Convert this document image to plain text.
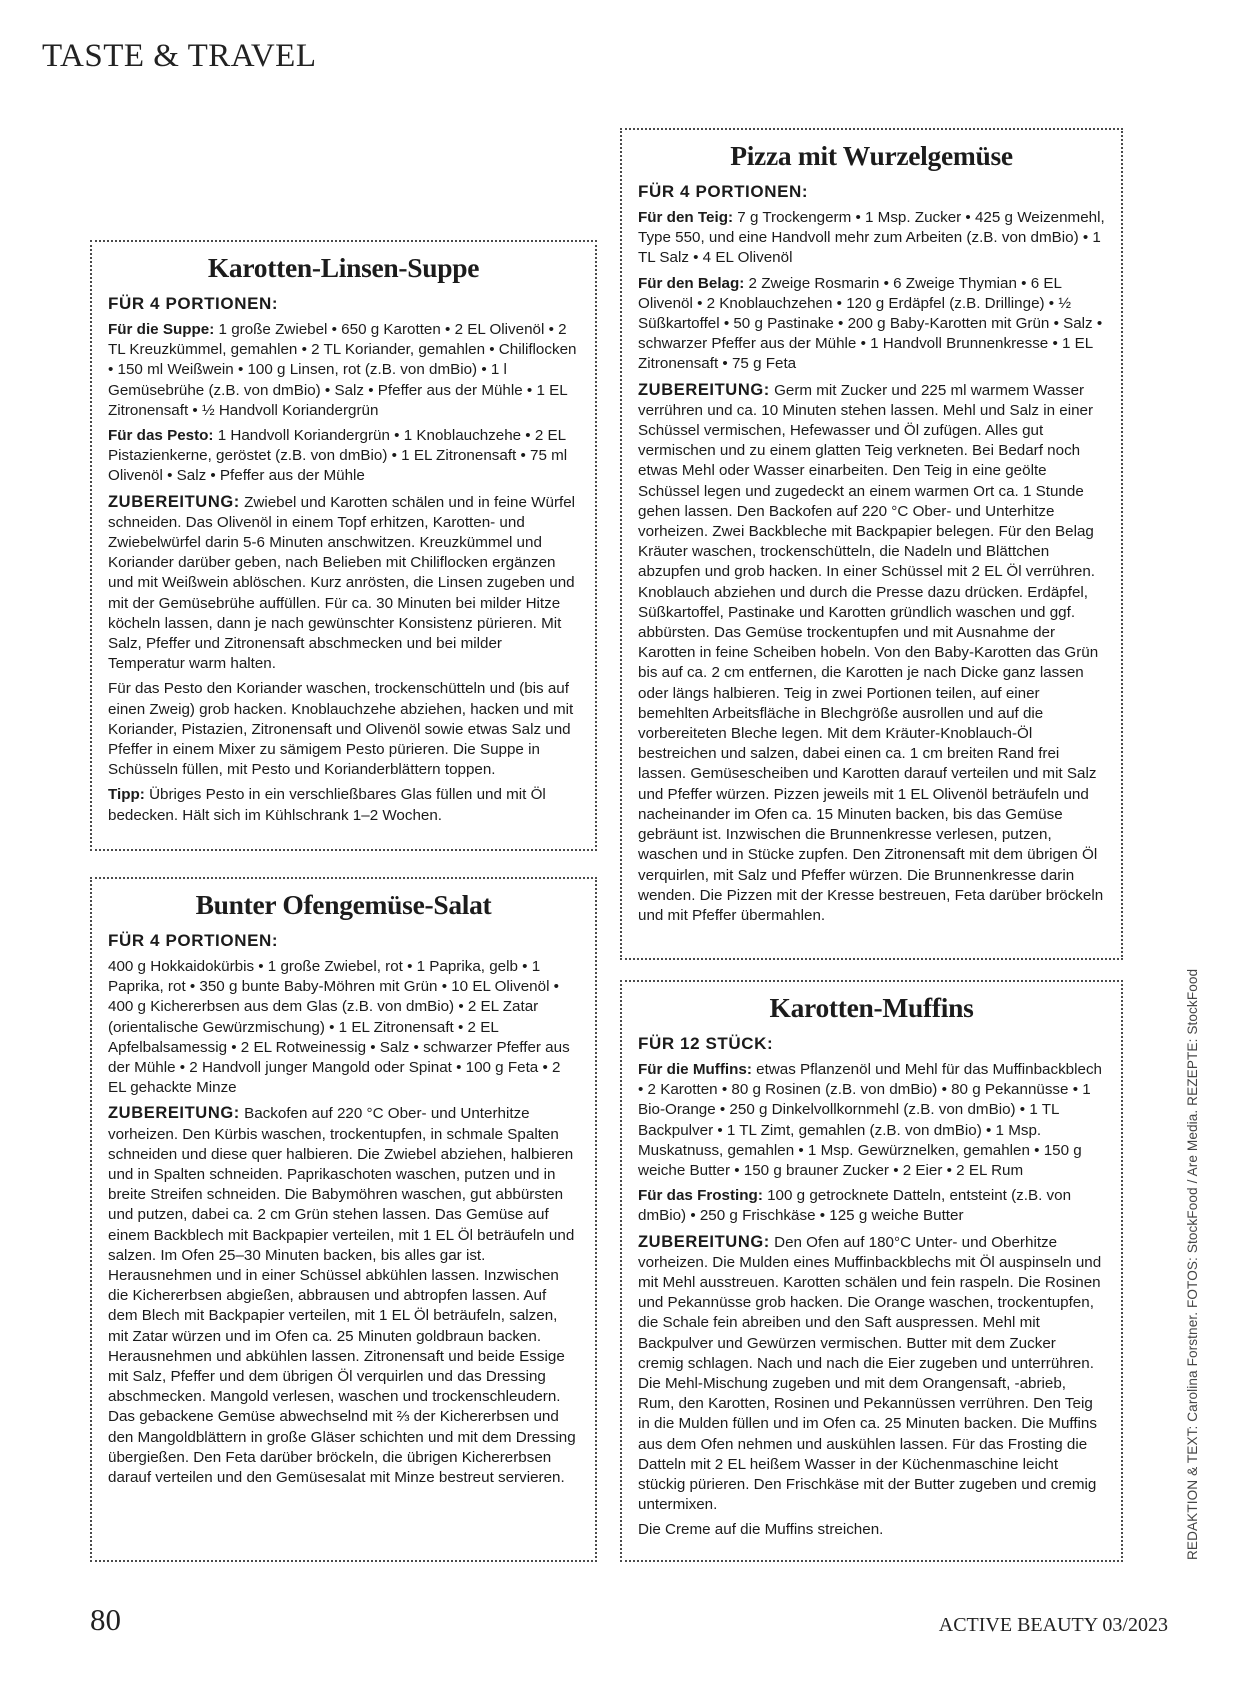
TASTE & TRAVEL
Karotten-Linsen-Suppe
FÜR 4 PORTIONEN:

Für die Suppe: 1 große Zwiebel • 650 g Karotten • 2 EL Olivenöl • 2 TL Kreuzkümmel, gemahlen • 2 TL Koriander, gemahlen • Chiliflocken • 150 ml Weißwein • 100 g Linsen, rot (z.B. von dmBio) • 1 l Gemüsebrühe (z.B. von dmBio) • Salz • Pfeffer aus der Mühle • 1 EL Zitronensaft • ½ Handvoll Koriandergrün

Für das Pesto: 1 Handvoll Koriandergrün • 1 Knoblauchzehe • 2 EL Pistazienkerne, geröstet (z.B. von dmBio) • 1 EL Zitronensaft • 75 ml Olivenöl • Salz • Pfeffer aus der Mühle

ZUBEREITUNG: Zwiebel und Karotten schälen und in feine Würfel schneiden. Das Olivenöl in einem Topf erhitzen, Karotten- und Zwiebelwürfel darin 5-6 Minuten anschwitzen. Kreuzkümmel und Koriander darüber geben, nach Belieben mit Chiliflocken ergänzen und mit Weißwein ablöschen. Kurz anrösten, die Linsen zugeben und mit der Gemüsebrühe auffüllen. Für ca. 30 Minuten bei milder Hitze köcheln lassen, dann je nach gewünschter Konsistenz pürieren. Mit Salz, Pfeffer und Zitronensaft abschmecken und bei milder Temperatur warm halten.

Für das Pesto den Koriander waschen, trockenschütteln und (bis auf einen Zweig) grob hacken. Knoblauchzehe abziehen, hacken und mit Koriander, Pistazien, Zitronensaft und Olivenöl sowie etwas Salz und Pfeffer in einem Mixer zu sämigem Pesto pürieren. Die Suppe in Schüsseln füllen, mit Pesto und Korianderblättern toppen.

Tipp: Übriges Pesto in ein verschließbares Glas füllen und mit Öl bedecken. Hält sich im Kühlschrank 1–2 Wochen.

Bunter Ofengemüse-Salat
FÜR 4 PORTIONEN:

400 g Hokkaidokürbis • 1 große Zwiebel, rot • 1 Paprika, gelb • 1 Paprika, rot • 350 g bunte Baby-Möhren mit Grün • 10 EL Olivenöl • 400 g Kichererbsen aus dem Glas (z.B. von dmBio) • 2 EL Zatar (orientalische Gewürzmischung) • 1 EL Zitronensaft • 2 EL Apfelbalsamessig • 2 EL Rotweinessig • Salz • schwarzer Pfeffer aus der Mühle • 2 Handvoll junger Mangold oder Spinat • 100 g Feta • 2 EL gehackte Minze

ZUBEREITUNG: Backofen auf 220 °C Ober- und Unterhitze vorheizen. Den Kürbis waschen, trockentupfen, in schmale Spalten schneiden und diese quer halbieren. Die Zwiebel abziehen, halbieren und in Spalten schneiden. Paprikaschoten waschen, putzen und in breite Streifen schneiden. Die Babymöhren waschen, gut abbürsten und putzen, dabei ca. 2 cm Grün stehen lassen. Das Gemüse auf einem Backblech mit Backpapier verteilen, mit 1 EL Öl beträufeln und salzen. Im Ofen 25–30 Minuten backen, bis alles gar ist. Herausnehmen und in einer Schüssel abkühlen lassen. Inzwischen die Kichererbsen abgießen, abbrausen und abtropfen lassen. Auf dem Blech mit Backpapier verteilen, mit 1 EL Öl beträufeln, salzen, mit Zatar würzen und im Ofen ca. 25 Minuten goldbraun backen. Herausnehmen und abkühlen lassen. Zitronensaft und beide Essige mit Salz, Pfeffer und dem übrigen Öl verquirlen und das Dressing abschmecken. Mangold verlesen, waschen und trockenschleudern. Das gebackene Gemüse abwechselnd mit ⅔ der Kichererbsen und den Mangoldblättern in große Gläser schichten und mit dem Dressing übergießen. Den Feta darüber bröckeln, die übrigen Kichererbsen darauf verteilen und den Gemüsesalat mit Minze bestreut servieren.

Pizza mit Wurzelgemüse
FÜR 4 PORTIONEN:

Für den Teig: 7 g Trockengerm • 1 Msp. Zucker • 425 g Weizenmehl, Type 550, und eine Handvoll mehr zum Arbeiten (z.B. von dmBio) • 1 TL Salz • 4 EL Olivenöl

Für den Belag: 2 Zweige Rosmarin • 6 Zweige Thymian • 6 EL Olivenöl • 2 Knoblauchzehen • 120 g Erdäpfel (z.B. Drillinge) • ½ Süßkartoffel • 50 g Pastinake • 200 g Baby-Karotten mit Grün • Salz • schwarzer Pfeffer aus der Mühle • 1 Handvoll Brunnenkresse • 1 EL Zitronensaft • 75 g Feta

ZUBEREITUNG: Germ mit Zucker und 225 ml warmem Wasser verrühren und ca. 10 Minuten stehen lassen. Mehl und Salz in einer Schüssel vermischen, Hefewasser und Öl zufügen. Alles gut vermischen und zu einem glatten Teig verkneten. Bei Bedarf noch etwas Mehl oder Wasser einarbeiten. Den Teig in eine geölte Schüssel legen und zugedeckt an einem warmen Ort ca. 1 Stunde gehen lassen. Den Backofen auf 220 °C Ober- und Unterhitze vorheizen. Zwei Backbleche mit Backpapier belegen. Für den Belag Kräuter waschen, trockenschütteln, die Nadeln und Blättchen abzupfen und grob hacken. In einer Schüssel mit 2 EL Öl verrühren. Knoblauch abziehen und durch die Presse dazu drücken. Erdäpfel, Süßkartoffel, Pastinake und Karotten gründlich waschen und ggf. abbürsten. Das Gemüse trockentupfen und mit Ausnahme der Karotten in feine Scheiben hobeln. Von den Baby-Karotten das Grün bis auf ca. 2 cm entfernen, die Karotten je nach Dicke ganz lassen oder längs halbieren. Teig in zwei Portionen teilen, auf einer bemehlten Arbeitsfläche in Blechgröße ausrollen und auf die vorbereiteten Bleche legen. Mit dem Kräuter-Knoblauch-Öl bestreichen und salzen, dabei einen ca. 1 cm breiten Rand frei lassen. Gemüsescheiben und Karotten darauf verteilen und mit Salz und Pfeffer würzen. Pizzen jeweils mit 1 EL Olivenöl beträufeln und nacheinander im Ofen ca. 15 Minuten backen, bis das Gemüse gebräunt ist. Inzwischen die Brunnenkresse verlesen, putzen, waschen und in Stücke zupfen. Den Zitronensaft mit dem übrigen Öl verquirlen, mit Salz und Pfeffer würzen. Die Brunnenkresse darin wenden. Die Pizzen mit der Kresse bestreuen, Feta darüber bröckeln und mit Pfeffer übermahlen.

Karotten-Muffins
FÜR 12 STÜCK:

Für die Muffins: etwas Pflanzenöl und Mehl für das Muffinbackblech • 2 Karotten • 80 g Rosinen (z.B. von dmBio) • 80 g Pekannüsse • 1 Bio-Orange • 250 g Dinkelvollkornmehl (z.B. von dmBio) • 1 TL Backpulver • 1 TL Zimt, gemahlen (z.B. von dmBio) • 1 Msp. Muskatnuss, gemahlen • 1 Msp. Gewürznelken, gemahlen • 150 g weiche Butter • 150 g brauner Zucker • 2 Eier • 2 EL Rum

Für das Frosting: 100 g getrocknete Datteln, entsteint (z.B. von dmBio) • 250 g Frischkäse • 125 g weiche Butter

ZUBEREITUNG: Den Ofen auf 180°C Unter- und Oberhitze vorheizen. Die Mulden eines Muffinbackblechs mit Öl auspinseln und mit Mehl ausstreuen. Karotten schälen und fein raspeln. Die Rosinen und Pekannüsse grob hacken. Die Orange waschen, trockentupfen, die Schale fein abreiben und den Saft auspressen. Mehl mit Backpulver und Gewürzen vermischen. Butter mit dem Zucker cremig schlagen. Nach und nach die Eier zugeben und unterrühren. Die Mehl-Mischung zugeben und mit dem Orangensaft, -abrieb, Rum, den Karotten, Rosinen und Pekannüssen verrühren. Den Teig in die Mulden füllen und im Ofen ca. 25 Minuten backen. Die Muffins aus dem Ofen nehmen und auskühlen lassen. Für das Frosting die Datteln mit 2 EL heißem Wasser in der Küchenmaschine leicht stückig pürieren. Den Frischkäse mit der Butter zugeben und cremig untermixen.

Die Creme auf die Muffins streichen.	REDAKTION & TEXT: Carolina Forstner. FOTOS: StockFood / Are Media. REZEPTE: StockFood
80	ACTIVE BEAUTY 03/2023
